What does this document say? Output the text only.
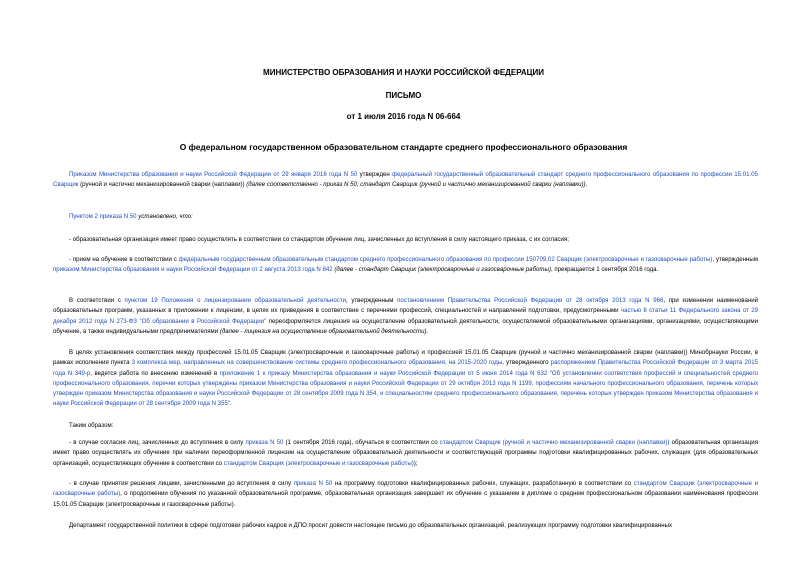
МИНИСТЕРСТВО ОБРАЗОВАНИЯ И НАУКИ РОССИЙСКОЙ ФЕДЕРАЦИИ
ПИСЬМО
от 1 июля 2016 года N 06-664
О федеральном государственном образовательном стандарте среднего профессионального образования
Приказом Министерства образования и науки Российской Федерации от 29 января 2016 года N 50 утвержден федеральный государственный образовательный стандарт среднего профессионального образования по профессии 15.01.05 Сварщик (ручной и частично механизированной сварки (наплавки)) (далее соответственно - приказ N 50, стандарт Сварщик (ручной и частично механизированной сварки (наплавки)).
Пунктом 2 приказа N 50 установлено, что:
- образовательная организация имеет право осуществлять в соответствии со стандартом обучение лиц, зачисленных до вступления в силу настоящего приказа, с их согласия;
- прием на обучение в соответствии с федеральным государственным образовательным стандартом среднего профессионального образования по профессии 150709.02 Сварщик (электросварочные и газосварочные работы), утвержденным приказом Министерства образования и науки Российской Федерации от 2 августа 2013 года N 842 (далее - стандарт Сварщик (электросварочные и газосварочные работы), прекращается 1 сентября 2016 года.
В соответствии с пунктом 19 Положения о лицензировании образовательной деятельности, утвержденным постановлением Правительства Российской Федерации от 28 октября 2013 года N 966, при изменении наименований образовательных программ, указанных в приложении к лицензии, в целях их приведения в соответствие с перечнями профессий, специальностей и направлений подготовки, предусмотренными частью 8 статьи 11 Федерального закона от 29 декабря 2012 года N 273-ФЗ "Об образовании в Российской Федерации" переоформляется лицензия на осуществление образовательной деятельности, осуществляемой образовательными организациями, организациями, осуществляющими обучение, а также индивидуальными предпринимателями (далее - лицензия на осуществление образовательной деятельности).
В целях установления соответствия между профессией 15.01.05 Сварщик (электросварочные и газосварочные работы) и профессией 15.01.05 Сварщик (ручной и частично механизированной сварки (наплавки)) Минобрнауки России, в рамках исполнения пункта 3 комплекса мер, направленных на совершенствование системы среднего профессионального образования, на 2015-2020 годы, утвержденного распоряжением Правительства Российской Федерации от 3 марта 2015 года N 349-р, ведется работа по внесению изменений в приложение 1 к приказу Министерства образования и науки Российской Федерации от 5 июня 2014 года N 632 "Об установлении соответствия профессий и специальностей среднего профессионального образования, перечни которых утверждены приказом Министерства образования и науки Российской Федерации от 29 октября 2013 года N 1199, профессиям начального профессионального образования, перечень которых утвержден приказом Министерства образования и науки Российской Федерации от 28 сентября 2009 года N 354, и специальностям среднего профессионального образования, перечень которых утвержден приказом Министерства образования и науки Российской Федерации от 28 сентября 2009 года N 355".
Таким образом:
- в случае согласия лиц, зачисленных до вступления в силу приказа N 50 (1 сентября 2016 года), обучаться в соответствии со стандартом Сварщик (ручной и частично механизированной сварки (наплавки)) образовательная организация имеет право осуществлять их обучение при наличии переоформленной лицензии на осуществление образовательной деятельности и соответствующей программы подготовки квалифицированных рабочих, служащих (для образовательных организаций, осуществляющих обучение в соответствии со стандартом Сварщик (электросварочные и газосварочные работы));
- в случае принятия решения лицами, зачисленными до вступления в силу приказа N 50 на программу подготовки квалифицированных рабочих, служащих, разработанную в соответствии со стандартом Сварщик (электросварочные и газосварочные работы), о продолжении обучения по указанной образовательной программе, образовательная организация завершает их обучение с указанием в дипломе о среднем профессиональном образовании наименования профессии 15.01.05 Сварщик (электросварочные и газосварочные работы).
Департамент государственной политики в сфере подготовки рабочих кадров и ДПО просит довести настоящее письмо до образовательных организаций, реализующих программу подготовки квалифицированных
